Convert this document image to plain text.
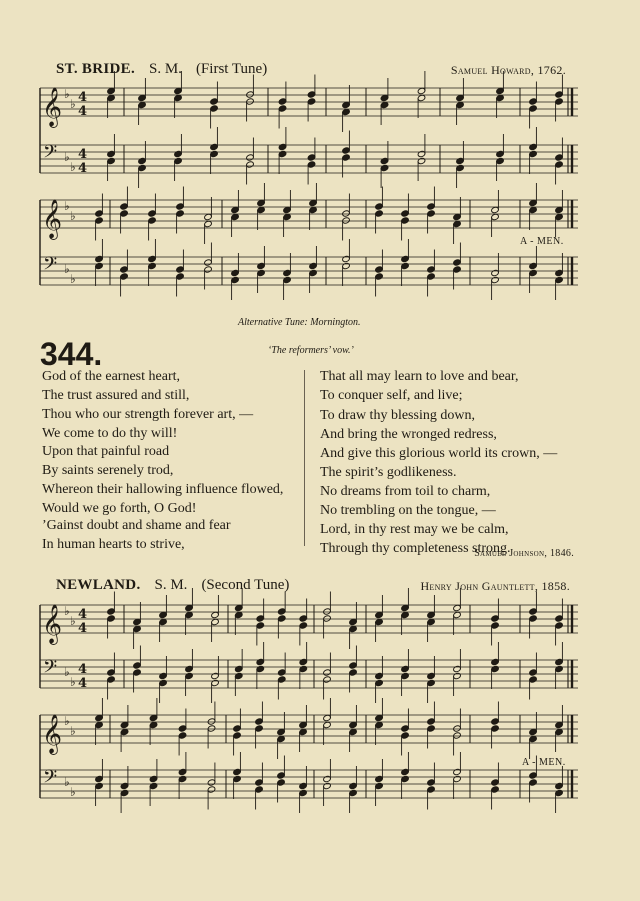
ST. BRIDE. S. M. (First Tune)	Samuel Howard, 1762.
𝄞
𝄢
♭
♭
♭
♭
4
4
4
4
𝄞
𝄢
♭
♭
♭
♭
𝄞
𝄢
♭
♭
♭
♭
4
4
4
4
𝄞
𝄢
♭
♭
♭
♭
A - MEN.
Alternative Tune: Mornington.
344.	‘The reformers’ vow.’
God of the earnest heart,
The trust assured and still,
Thou who our strength forever art, —
We come to do thy will!
Upon that painful road
By saints serenely trod,
Whereon their hallowing influence flowed,
Would we go forth, O God!
’Gainst doubt and shame and fear
In human hearts to strive,
That all may learn to love and bear,
To conquer self, and live;
To draw thy blessing down,
And bring the wronged redress,
And give this glorious world its crown, —
The spirit’s godlikeness.
No dreams from toil to charm,
No trembling on the tongue, —
Lord, in thy rest may we be calm,
Through thy completeness strong.
Samuel Johnson, 1846.
NEWLAND. S. M. (Second Tune)	Henry John Gauntlett, 1858.
A - MEN.
